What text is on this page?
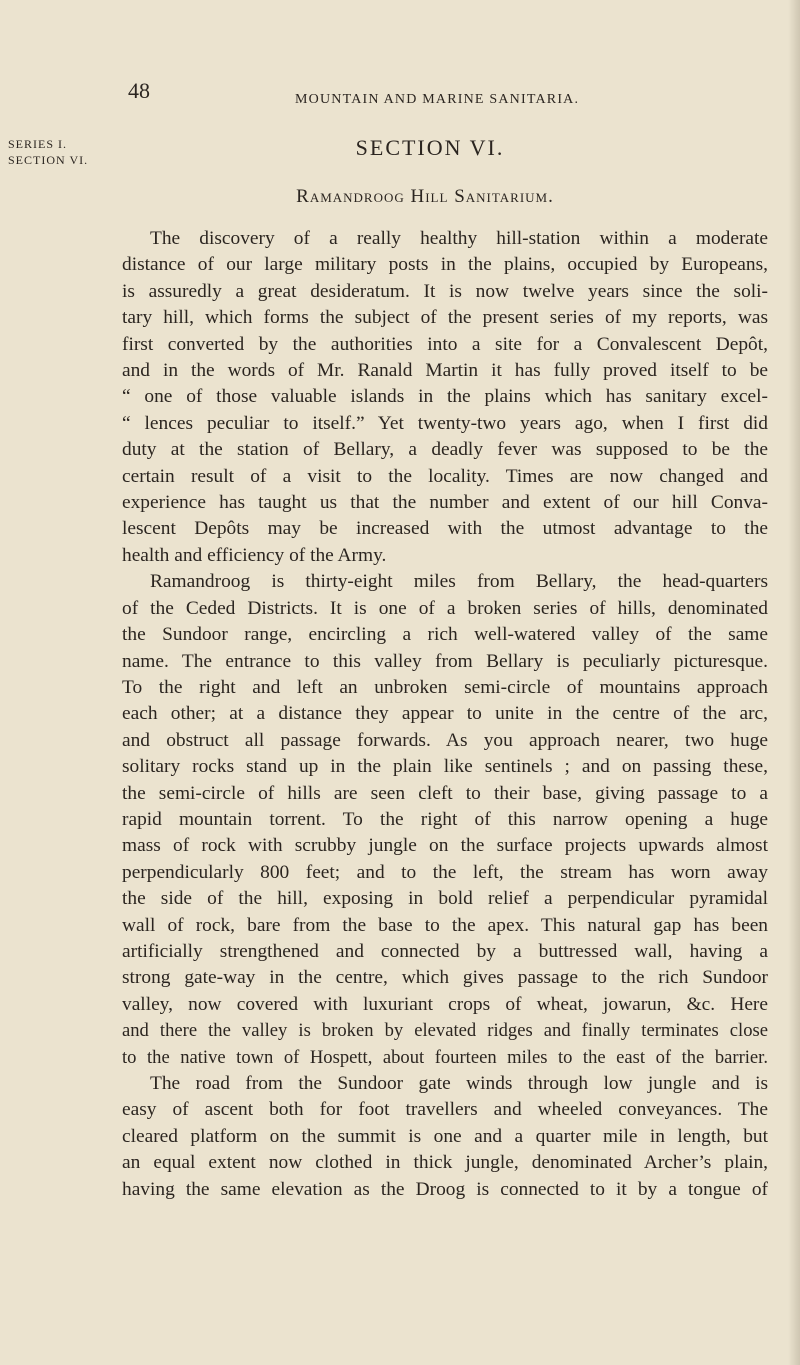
48	MOUNTAIN AND MARINE SANITARIA.
SERIES I.
SECTION VI.	SECTION VI.
Ramandroog Hill Sanitarium.
The discovery of a really healthy hill-station within a moderate
distance of our large military posts in the plains, occupied by Europeans,
is assuredly a great desideratum. It is now twelve years since the soli-
tary hill, which forms the subject of the present series of my reports, was
first converted by the authorities into a site for a Convalescent Depôt,
and in the words of Mr. Ranald Martin it has fully proved itself to be
“ one of those valuable islands in the plains which has sanitary excel-
“ lences peculiar to itself.” Yet twenty-two years ago, when I first did
duty at the station of Bellary, a deadly fever was supposed to be the
certain result of a visit to the locality. Times are now changed and
experience has taught us that the number and extent of our hill Conva-
lescent Depôts may be increased with the utmost advantage to the
health and efficiency of the Army.
Ramandroog is thirty-eight miles from Bellary, the head-quarters
of the Ceded Districts. It is one of a broken series of hills, denominated
the Sundoor range, encircling a rich well-watered valley of the same
name. The entrance to this valley from Bellary is peculiarly picturesque.
To the right and left an unbroken semi-circle of mountains approach
each other; at a distance they appear to unite in the centre of the arc,
and obstruct all passage forwards. As you approach nearer, two huge
solitary rocks stand up in the plain like sentinels ; and on passing these,
the semi-circle of hills are seen cleft to their base, giving passage to a
rapid mountain torrent. To the right of this narrow opening a huge
mass of rock with scrubby jungle on the surface projects upwards almost
perpendicularly 800 feet; and to the left, the stream has worn away
the side of the hill, exposing in bold relief a perpendicular pyramidal
wall of rock, bare from the base to the apex. This natural gap has been
artificially strengthened and connected by a buttressed wall, having a
strong gate-way in the centre, which gives passage to the rich Sundoor
valley, now covered with luxuriant crops of wheat, jowarun, &c. Here
and there the valley is broken by elevated ridges and finally terminates close
to the native town of Hospett, about fourteen miles to the east of the barrier.
The road from the Sundoor gate winds through low jungle and is
easy of ascent both for foot travellers and wheeled conveyances. The
cleared platform on the summit is one and a quarter mile in length, but
an equal extent now clothed in thick jungle, denominated Archer’s plain,
having the same elevation as the Droog is connected to it by a tongue of
